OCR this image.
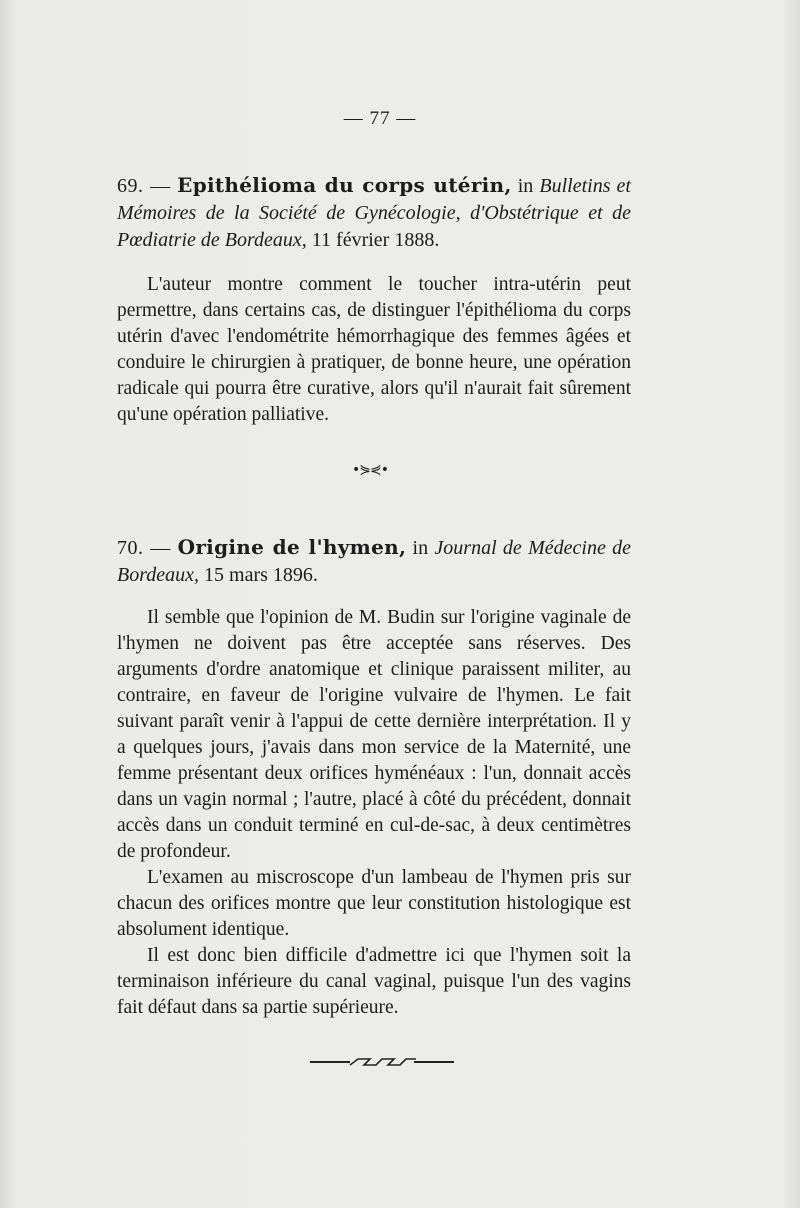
— 77 —
69. — Epithélioma du corps utérin, in Bulletins et Mémoires de la Société de Gynécologie, d'Obstétrique et de Pœdiatrie de Bordeaux, 11 février 1888.
L'auteur montre comment le toucher intra-utérin peut permettre, dans certains cas, de distinguer l'épithélioma du corps utérin d'avec l'endométrite hémorrhagique des femmes âgées et conduire le chirurgien à pratiquer, de bonne heure, une opération radicale qui pourra être curative, alors qu'il n'aurait fait sûrement qu'une opération palliative.
•⋟⋞•
70. — Origine de l'hymen, in Journal de Médecine de Bordeaux, 15 mars 1896.
Il semble que l'opinion de M. Budin sur l'origine vaginale de l'hymen ne doivent pas être acceptée sans réserves. Des arguments d'ordre anatomique et clinique paraissent militer, au contraire, en faveur de l'origine vulvaire de l'hymen. Le fait suivant paraît venir à l'appui de cette dernière interprétation. Il y a quelques jours, j'avais dans mon service de la Maternité, une femme présentant deux orifices hyménéaux : l'un, donnait accès dans un vagin normal ; l'autre, placé à côté du précédent, donnait accès dans un conduit terminé en cul-de-sac, à deux centimètres de profondeur.
L'examen au miscroscope d'un lambeau de l'hymen pris sur chacun des orifices montre que leur constitution histologique est absolument identique.
Il est donc bien difficile d'admettre ici que l'hymen soit la terminaison inférieure du canal vaginal, puisque l'un des vagins fait défaut dans sa partie supérieure.
